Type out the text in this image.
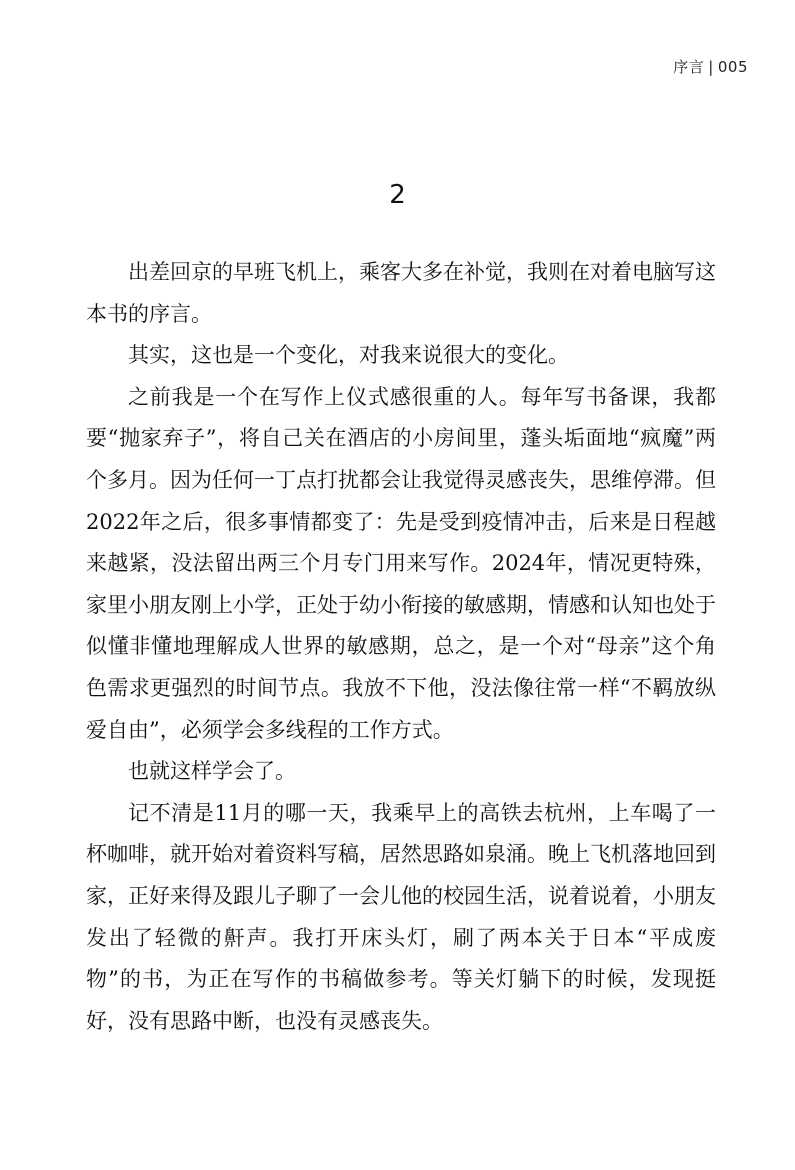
序言 | 005
2

出差回京的早班飞机上，乘客大多在补觉，我则在对着电脑写这本书的序言。

其实，这也是一个变化，对我来说很大的变化。

之前我是一个在写作上仪式感很重的人。每年写书备课，我都要“抛家弃子”，将自己关在酒店的小房间里，蓬头垢面地“疯魔”两个多月。因为任何一丁点打扰都会让我觉得灵感丧失，思维停滞。但2022年之后，很多事情都变了：先是受到疫情冲击，后来是日程越来越紧，没法留出两三个月专门用来写作。2024年，情况更特殊，家里小朋友刚上小学，正处于幼小衔接的敏感期，情感和认知也处于似懂非懂地理解成人世界的敏感期，总之，是一个对“母亲”这个角色需求更强烈的时间节点。我放不下他，没法像往常一样“不羁放纵爱自由”，必须学会多线程的工作方式。

也就这样学会了。

记不清是11月的哪一天，我乘早上的高铁去杭州，上车喝了一杯咖啡，就开始对着资料写稿，居然思路如泉涌。晚上飞机落地回到家，正好来得及跟儿子聊了一会儿他的校园生活，说着说着，小朋友发出了轻微的鼾声。我打开床头灯，刷了两本关于日本“平成废物”的书，为正在写作的书稿做参考。等关灯躺下的时候，发现挺好，没有思路中断，也没有灵感丧失。
